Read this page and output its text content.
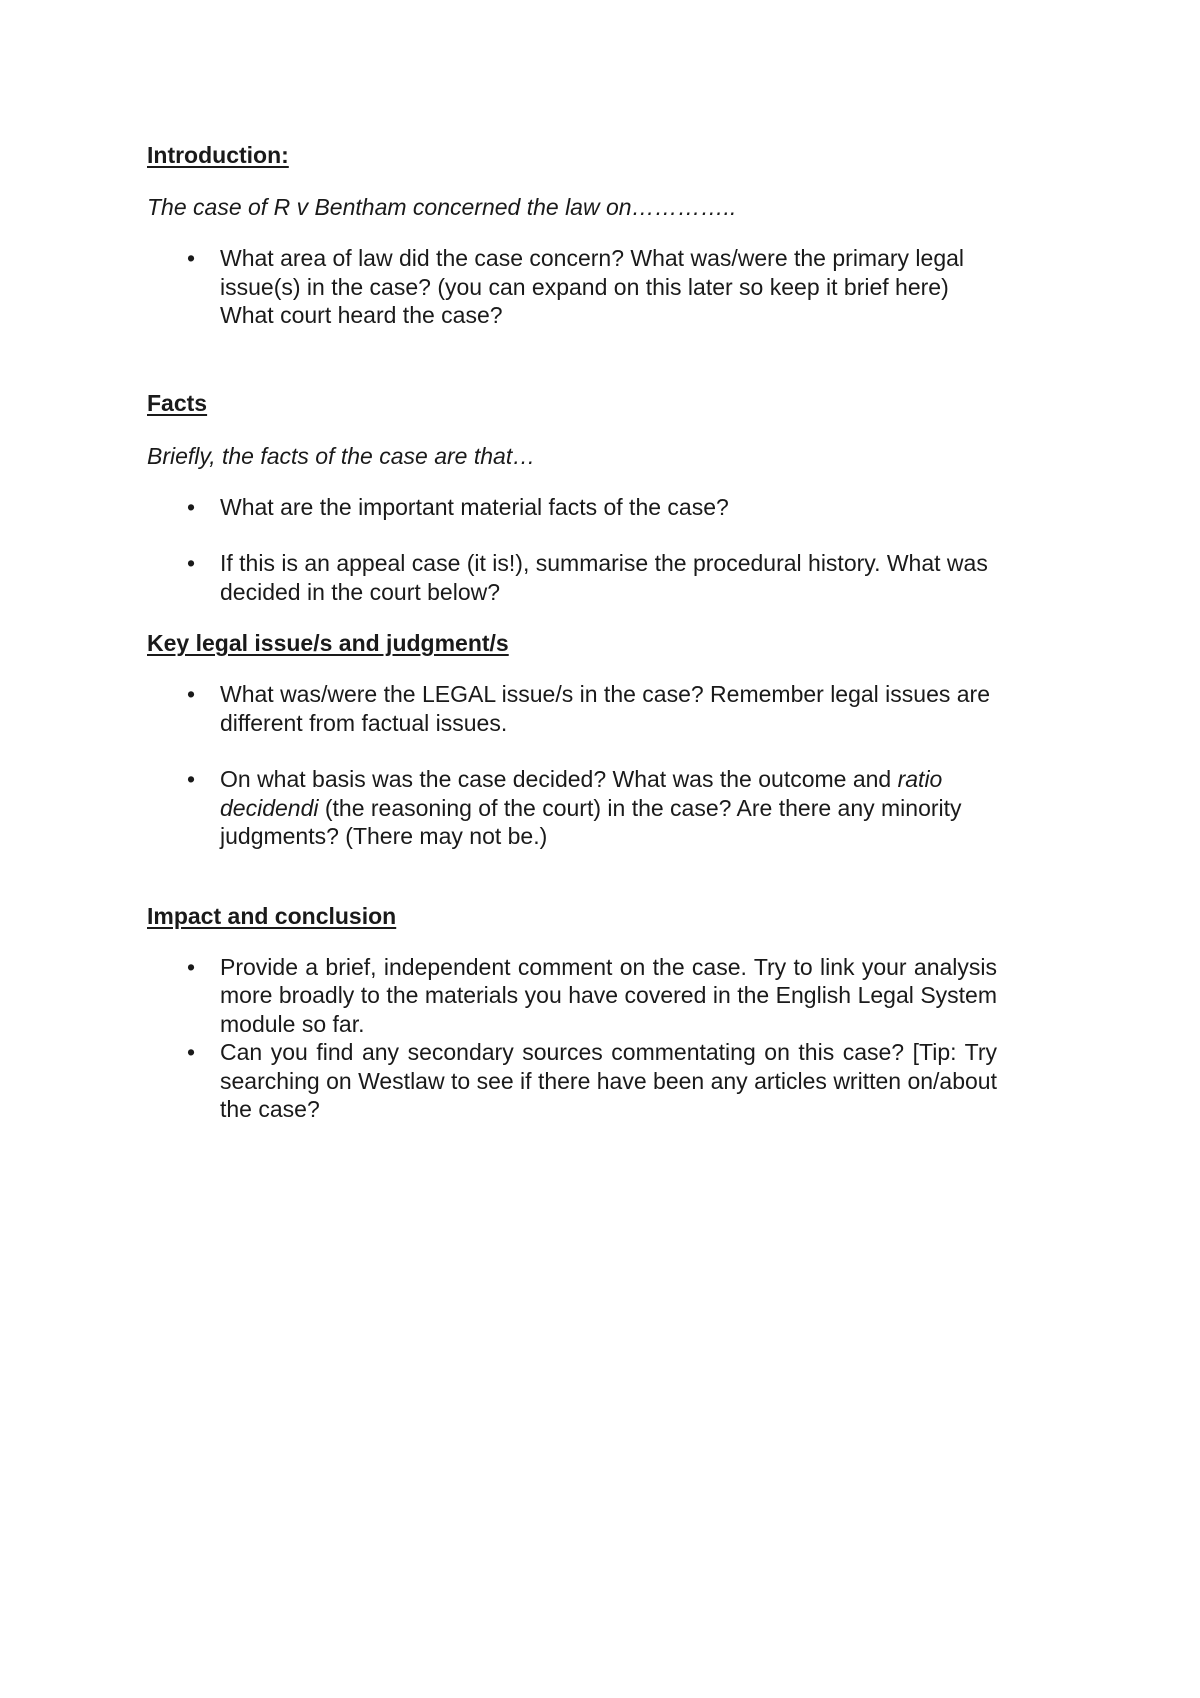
Introduction:

The case of R v Bentham concerned the law on…………..

• What area of law did the case concern? What was/were the primary legal issue(s) in the case? (you can expand on this later so keep it brief here) What court heard the case?
Facts

Briefly, the facts of the case are that…

• What are the important material facts of the case?
• If this is an appeal case (it is!), summarise the procedural history. What was decided in the court below?
Key legal issue/s and judgment/s
• What was/were the LEGAL issue/s in the case? Remember legal issues are different from factual issues.
• On what basis was the case decided? What was the outcome and ratio decidendi (the reasoning of the court) in the case? Are there any minority judgments? (There may not be.)
Impact and conclusion
• Provide a brief, independent comment on the case. Try to link your analysis more broadly to the materials you have covered in the English Legal System module so far.
• Can you find any secondary sources commentating on this case? [Tip: Try searching on Westlaw to see if there have been any articles written on/about the case?
